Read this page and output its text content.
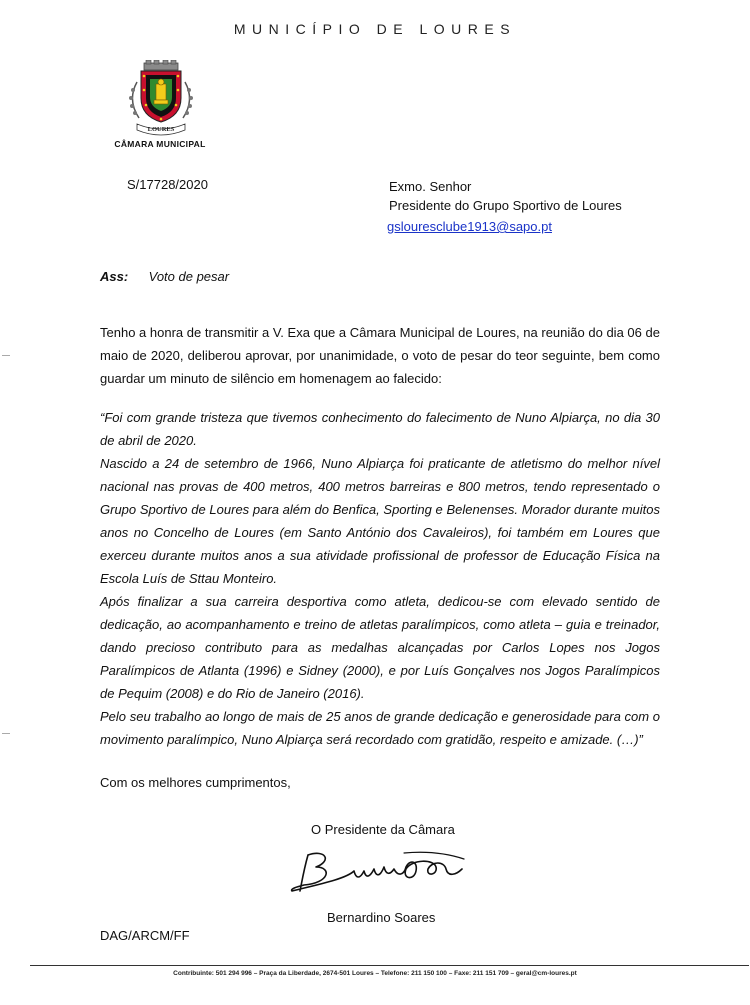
MUNICÍPIO DE LOURES
LOURES
CÂMARA MUNICIPAL
S/17728/2020	Exmo. Senhor
Presidente do Grupo Sportivo de Loures
gslouresclube1913@sapo.pt
Ass: Voto de pesar
Tenho a honra de transmitir a V. Exa que a Câmara Municipal de Loures, na reunião do dia 06 de maio de 2020, deliberou aprovar, por unanimidade, o voto de pesar do teor seguinte, bem como guardar um minuto de silêncio em homenagem ao falecido:

“Foi com grande tristeza que tivemos conhecimento do falecimento de Nuno Alpiarça, no dia 30 de abril de 2020.

Nascido a 24 de setembro de 1966, Nuno Alpiarça foi praticante de atletismo do melhor nível nacional nas provas de 400 metros, 400 metros barreiras e 800 metros, tendo representado o Grupo Sportivo de Loures para além do Benfica, Sporting e Belenenses. Morador durante muitos anos no Concelho de Loures (em Santo António dos Cavaleiros), foi também em Loures que exerceu durante muitos anos a sua atividade profissional de professor de Educação Física na Escola Luís de Sttau Monteiro.

Após finalizar a sua carreira desportiva como atleta, dedicou-se com elevado sentido de dedicação, ao acompanhamento e treino de atletas paralímpicos, como atleta – guia e treinador, dando precioso contributo para as medalhas alcançadas por Carlos Lopes nos Jogos Paralímpicos de Atlanta (1996) e Sidney (2000), e por Luís Gonçalves nos Jogos Paralímpicos de Pequim (2008) e do Rio de Janeiro (2016).

Pelo seu trabalho ao longo de mais de 25 anos de grande dedicação e generosidade para com o movimento paralímpico, Nuno Alpiarça será recordado com gratidão, respeito e amizade. (…)”

Com os melhores cumprimentos,
O Presidente da Câmara
Bernardino Soares
DAG/ARCM/FF
Contribuinte: 501 294 996 – Praça da Liberdade, 2674-501 Loures – Telefone: 211 150 100 – Faxe: 211 151 709 – geral@cm-loures.pt
